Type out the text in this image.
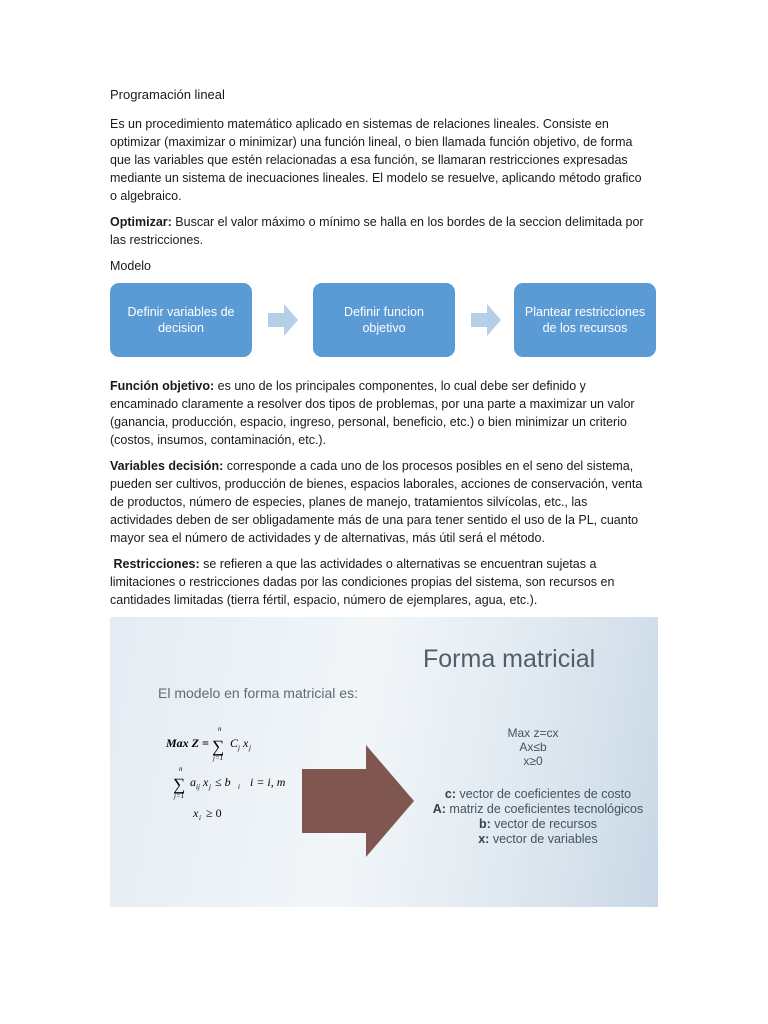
Programación lineal

Es un procedimiento matemático aplicado en sistemas de relaciones lineales. Consiste en optimizar (maximizar o minimizar) una función lineal, o bien llamada función objetivo, de forma que las variables que estén relacionadas a esa función, se llamaran restricciones expresadas mediante un sistema de inecuaciones lineales. El modelo se resuelve, aplicando método grafico o algebraico.

Optimizar: Buscar el valor máximo o mínimo se halla en los bordes de la seccion delimitada por las restricciones.

Modelo

Definir variables de decision
Definir funcion objetivo
Plantear restricciones de los recursos

Función objetivo: es uno de los principales componentes, lo cual debe ser definido y encaminado claramente a resolver dos tipos de problemas, por una parte a maximizar un valor (ganancia, producción, espacio, ingreso, personal, beneficio, etc.) o bien minimizar un criterio (costos, insumos, contaminación, etc.).

Variables decisión: corresponde a cada uno de los procesos posibles en el seno del sistema, pueden ser cultivos, producción de bienes, espacios laborales, acciones de conservación, venta de productos, número de especies, planes de manejo, tratamientos silvícolas, etc., las actividades deben de ser obligadamente más de una para tener sentido el uso de la PL, cuanto mayor sea el número de actividades y de alternativas, más útil será el método.

Restricciones: se refieren a que las actividades o alternativas se encuentran sujetas a limitaciones o restricciones dadas por las condiciones propias del sistema, son recursos en cantidades limitadas (tierra fértil, espacio, número de ejemplares, agua, etc.).

Forma matricial
El modelo en forma matricial es:
Max Z =
n
∑
j=1
C j x j
n
∑
j=1
a ij x j ≤ b i i = i, m
x i ≥ 0
Max z=cx
Ax≤b
x≥0
c: vector de coeficientes de costo
A: matriz de coeficientes tecnológicos
b: vector de recursos
x: vector de variables
